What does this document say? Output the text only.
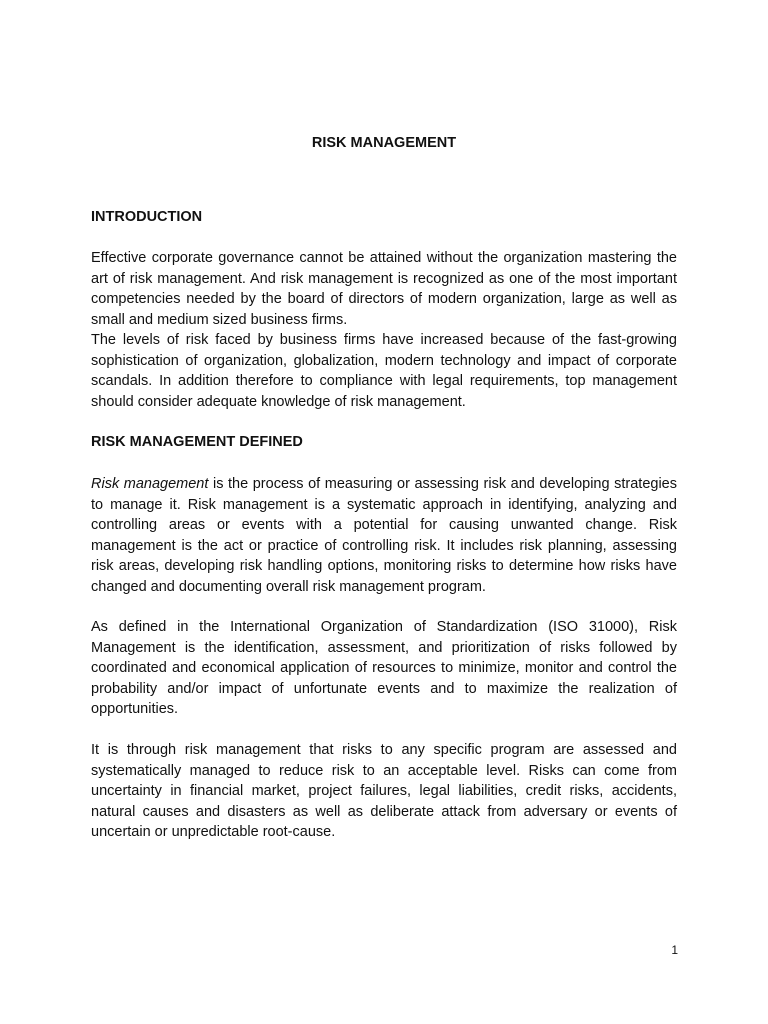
RISK MANAGEMENT
INTRODUCTION

Effective corporate governance cannot be attained without the organization mastering the art of risk management. And risk management is recognized as one of the most important competencies needed by the board of directors of modern organization, large as well as small and medium sized business firms.

The levels of risk faced by business firms have increased because of the fast-growing sophistication of organization, globalization, modern technology and impact of corporate scandals. In addition therefore to compliance with legal requirements, top management should consider adequate knowledge of risk management.

RISK MANAGEMENT DEFINED

Risk management is the process of measuring or assessing risk and developing strategies to manage it. Risk management is a systematic approach in identifying, analyzing and controlling areas or events with a potential for causing unwanted change. Risk management is the act or practice of controlling risk. It includes risk planning, assessing risk areas, developing risk handling options, monitoring risks to determine how risks have changed and documenting overall risk management program.

As defined in the International Organization of Standardization (ISO 31000), Risk Management is the identification, assessment, and prioritization of risks followed by coordinated and economical application of resources to minimize, monitor and control the probability and/or impact of unfortunate events and to maximize the realization of opportunities.

It is through risk management that risks to any specific program are assessed and systematically managed to reduce risk to an acceptable level. Risks can come from uncertainty in financial market, project failures, legal liabilities, credit risks, accidents, natural causes and disasters as well as deliberate attack from adversary or events of uncertain or unpredictable root-cause.

1
